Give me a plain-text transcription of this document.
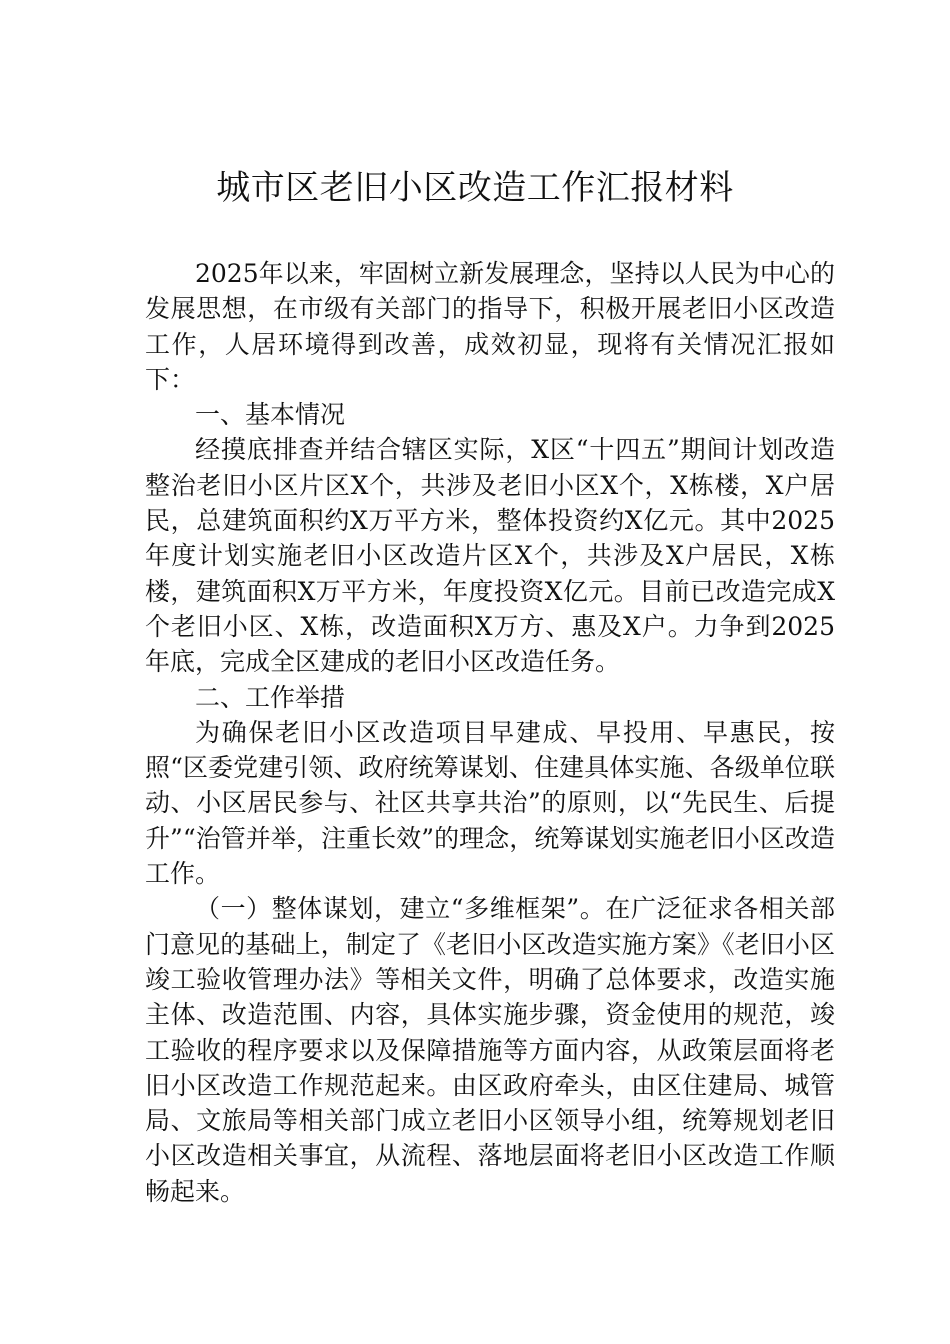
城市区老旧小区改造工作汇报材料

2025年以来，牢固树立新发展理念，坚持以人民为中心的发展思想，在市级有关部门的指导下，积极开展老旧小区改造工作，人居环境得到改善，成效初显，现将有关情况汇报如下：

一、基本情况

经摸底排查并结合辖区实际，X区“十四五”期间计划改造整治老旧小区片区X个，共涉及老旧小区X个，X栋楼，X户居民，总建筑面积约X万平方米，整体投资约X亿元。其中2025年度计划实施老旧小区改造片区X个，共涉及X户居民，X栋楼，建筑面积X万平方米，年度投资X亿元。目前已改造完成X个老旧小区、X栋，改造面积X万方、惠及X户。力争到2025年底，完成全区建成的老旧小区改造任务。

二、工作举措

为确保老旧小区改造项目早建成、早投用、早惠民，按照“区委党建引领、政府统筹谋划、住建具体实施、各级单位联动、小区居民参与、社区共享共治”的原则，以“先民生、后提升”“治管并举，注重长效”的理念，统筹谋划实施老旧小区改造工作。

（一）整体谋划，建立“多维框架”。在广泛征求各相关部门意见的基础上，制定了《老旧小区改造实施方案》《老旧小区竣工验收管理办法》等相关文件，明确了总体要求，改造实施主体、改造范围、内容，具体实施步骤，资金使用的规范，竣工验收的程序要求以及保障措施等方面内容，从政策层面将老旧小区改造工作规范起来。由区政府牵头，由区住建局、城管局、文旅局等相关部门成立老旧小区领导小组，统筹规划老旧小区改造相关事宜，从流程、落地层面将老旧小区改造工作顺畅起来。
